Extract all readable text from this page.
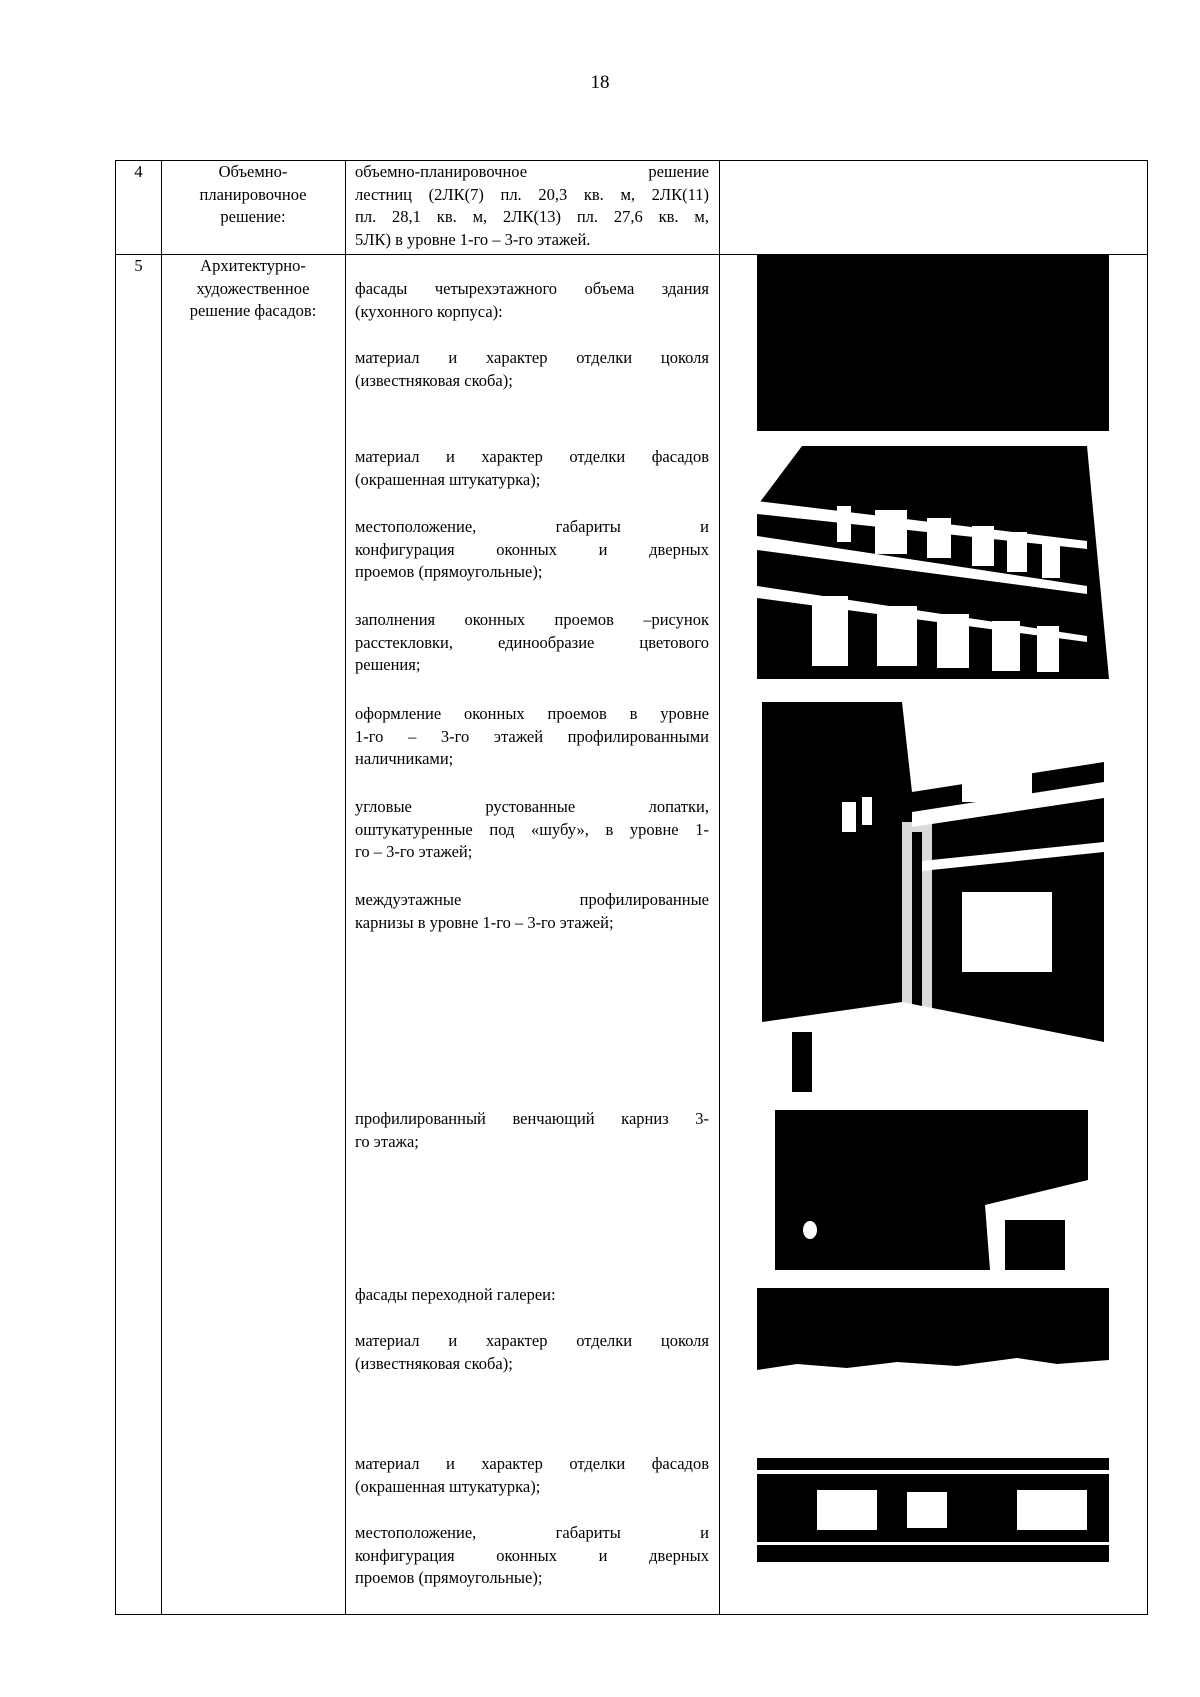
18
4	Объемно-
планировочное
решение:
объемно-планировочное решение
лестниц (2ЛК(7) пл. 20,3 кв. м, 2ЛК(11)
пл. 28,1 кв. м, 2ЛК(13) пл. 27,6 кв. м,
5ЛК) в уровне 1-го – 3-го этажей.
5	Архитектурно-
художественное
решение фасадов:
фасады четырехэтажного объема здания
(кухонного корпуса):
материал и характер отделки цоколя
(известняковая скоба);
материал и характер отделки фасадов
(окрашенная штукатурка);
местоположение, габариты и
конфигурация оконных и дверных
проемов (прямоугольные);
заполнения оконных проемов –рисунок
расстекловки, единообразие цветового
решения;
оформление оконных проемов в уровне
1-го – 3-го этажей профилированными
наличниками;
угловые рустованные лопатки,
оштукатуренные под «шубу», в уровне 1-
го – 3-го этажей;
междуэтажные профилированные
карнизы в уровне 1-го – 3-го этажей;
профилированный венчающий карниз 3-
го этажа;
фасады переходной галереи:
материал и характер отделки цоколя
(известняковая скоба);
материал и характер отделки фасадов
(окрашенная штукатурка);
местоположение, габариты и
конфигурация оконных и дверных
проемов (прямоугольные);
